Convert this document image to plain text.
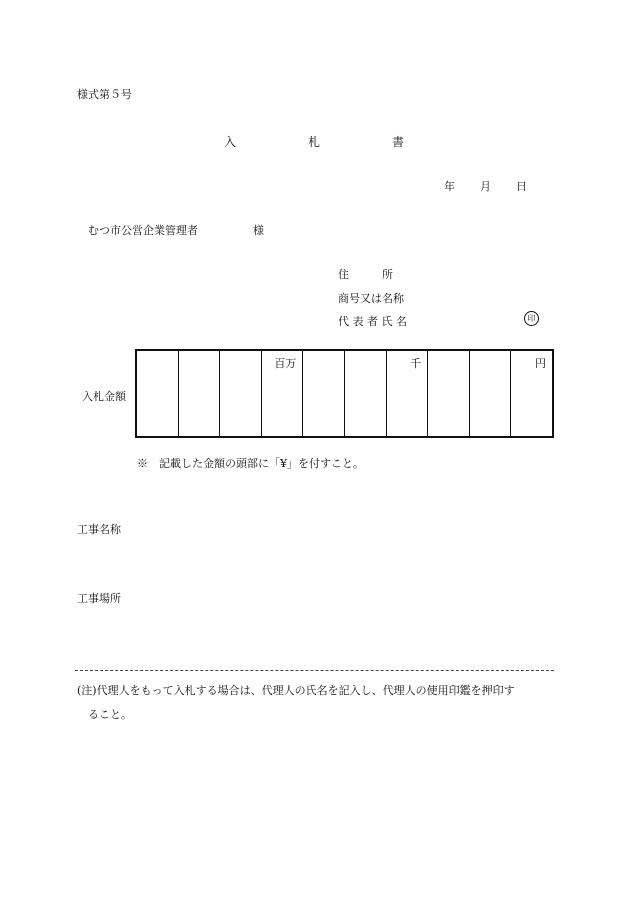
様式第５号
入	札	書
年 月 日
むつ市公営企業管理者	様
住　　　所
商号又は名称
代 表 者 氏 名	印
入札金額
百万	千	円
※　記載した金額の頭部に「¥」を付すこと。
工事名称
工事場所
(注)代理人をもって入札する場合は、代理人の氏名を記入し、代理人の使用印鑑を押印す
ること。
